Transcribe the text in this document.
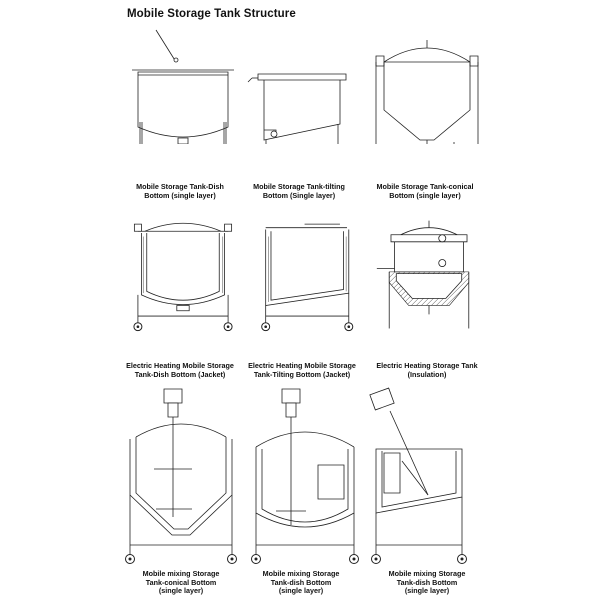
Mobile Storage Tank Structure
Mobile Storage Tank-Dish
Bottom (single layer)
Mobile Storage Tank-tilting
Bottom (Single layer)
Mobile Storage Tank-conical
Bottom (single layer)
Electric Heating Mobile Storage
Tank-Dish Bottom (Jacket)
Electric Heating Mobile Storage
Tank-Tilting Bottom (Jacket)
Electric Heating Storage Tank
(Insulation)
Mobile mixing Storage
Tank-conical Bottom
(single layer)
Mobile mixing Storage
Tank-dish Bottom
(single layer)
Mobile mixing Storage
Tank-dish Bottom
(single layer)
